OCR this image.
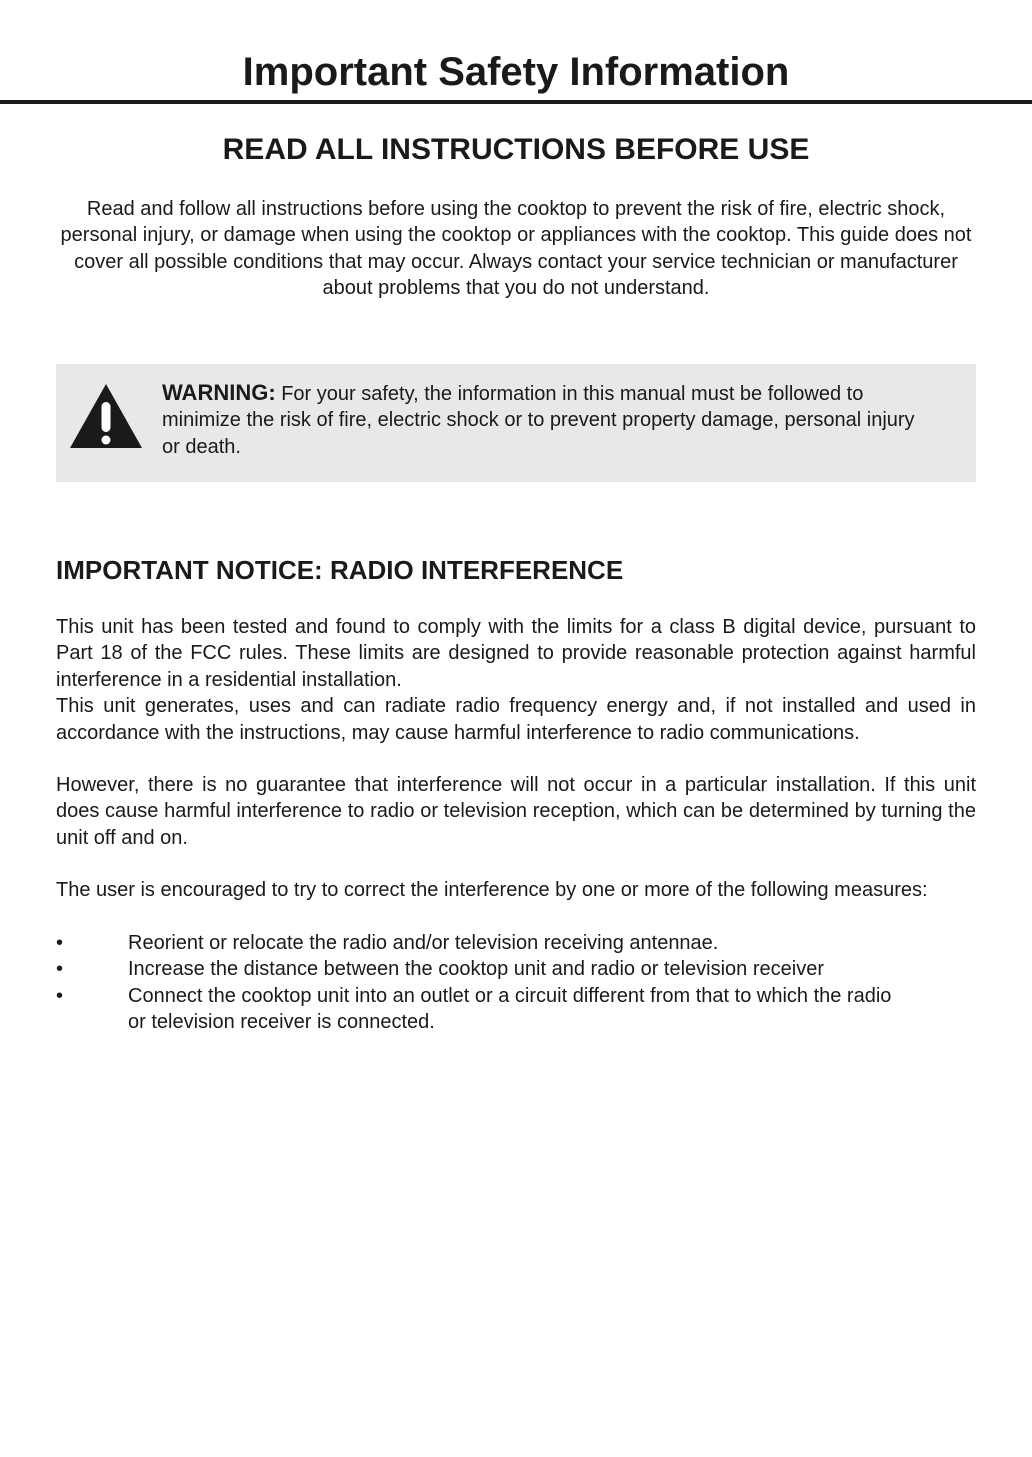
Important Safety Information
READ ALL INSTRUCTIONS BEFORE USE

Read and follow all instructions before using the cooktop to prevent the risk of fire, electric shock, personal injury, or damage when using the cooktop or appliances with the cooktop. This guide does not cover all possible conditions that may occur. Always contact your service technician or manufacturer about problems that you do not understand.

WARNING: For your safety, the information in this manual must be followed to minimize the risk of fire, electric shock or to prevent property damage, personal injury or death.

IMPORTANT NOTICE: RADIO INTERFERENCE
This unit has been tested and found to comply with the limits for a class B digital device, pursuant to Part 18 of the FCC rules. These limits are designed to provide reasonable protection against harmful interference in a residential installation.
This unit generates, uses and can radiate radio frequency energy and, if not installed and used in accordance with the instructions, may cause harmful interference to radio communications.

However, there is no guarantee that interference will not occur in a particular installation. If this unit does cause harmful interference to radio or television reception, which can be determined by turning the unit off and on.

The user is encouraged to try to correct the interference by one or more of the following measures:

•	Reorient or relocate the radio and/or television receiving antennae.
•	Increase the distance between the cooktop unit and radio or television receiver
•	Connect the cooktop unit into an outlet or a circuit different from that to which the radio or television receiver is connected.
